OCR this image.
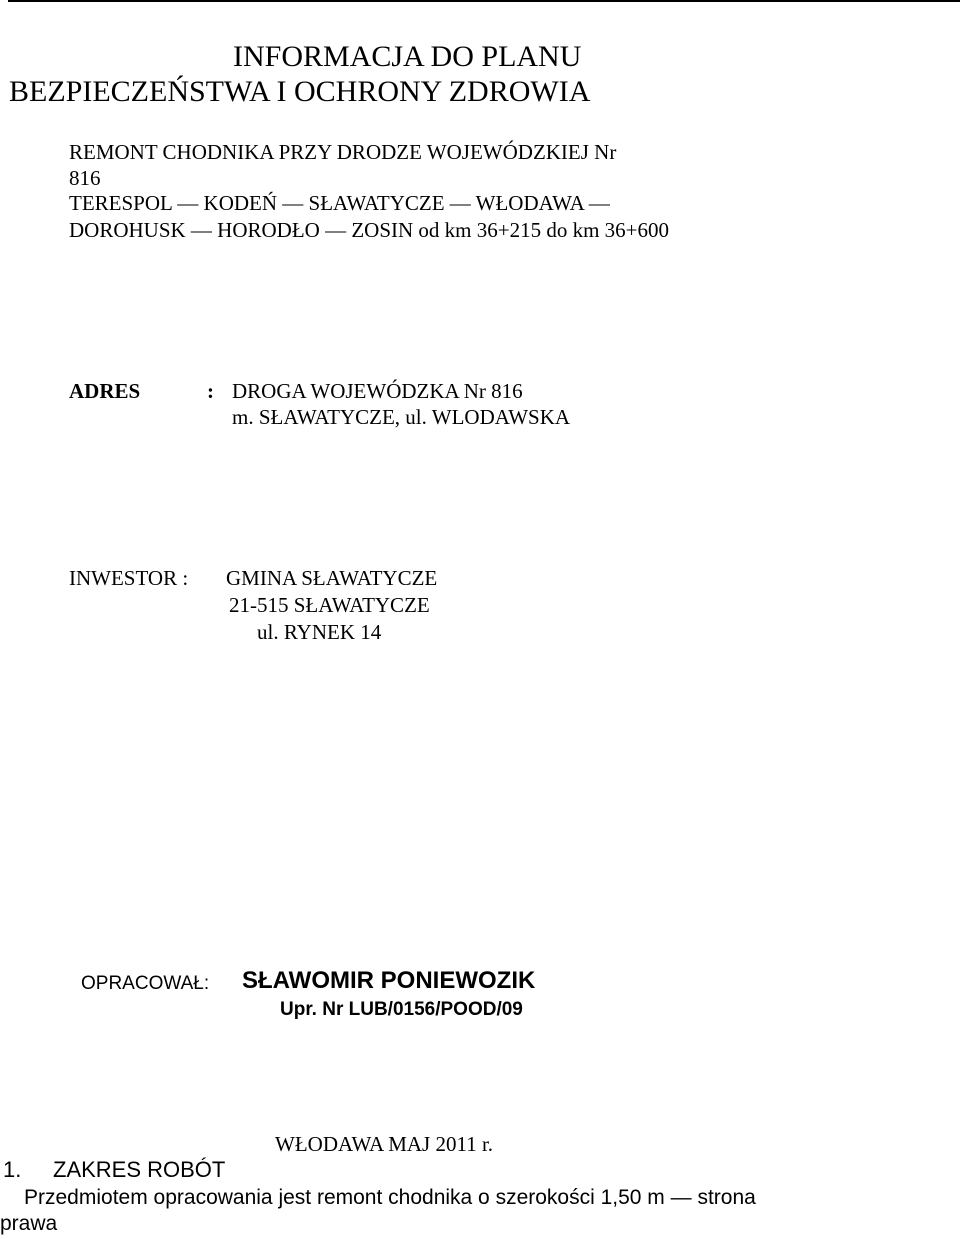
INFORMACJA DO PLANU
BEZPIECZEŃSTWA I OCHRONY ZDROWIA
REMONT CHODNIKA PRZY DRODZE WOJEWÓDZKIEJ Nr
816
TERESPOL — KODEŃ — SŁAWATYCZE — WŁODAWA —
DOROHUSK — HORODŁO — ZOSIN od km 36+215 do km 36+600
ADRES	: DROGA WOJEWÓDZKA Nr 816
m. SŁAWATYCZE, ul. WLODAWSKA
INWESTOR : GMINA SŁAWATYCZE
21-515 SŁAWATYCZE
ul. RYNEK 14
OPRACOWAŁ: SŁAWOMIR PONIEWOZIK
Upr. Nr LUB/0156/POOD/09
WŁODAWA MAJ 2011 r.
1. ZAKRES ROBÓT
Przedmiotem opracowania jest remont chodnika o szerokości 1,50 m — strona
prawa
